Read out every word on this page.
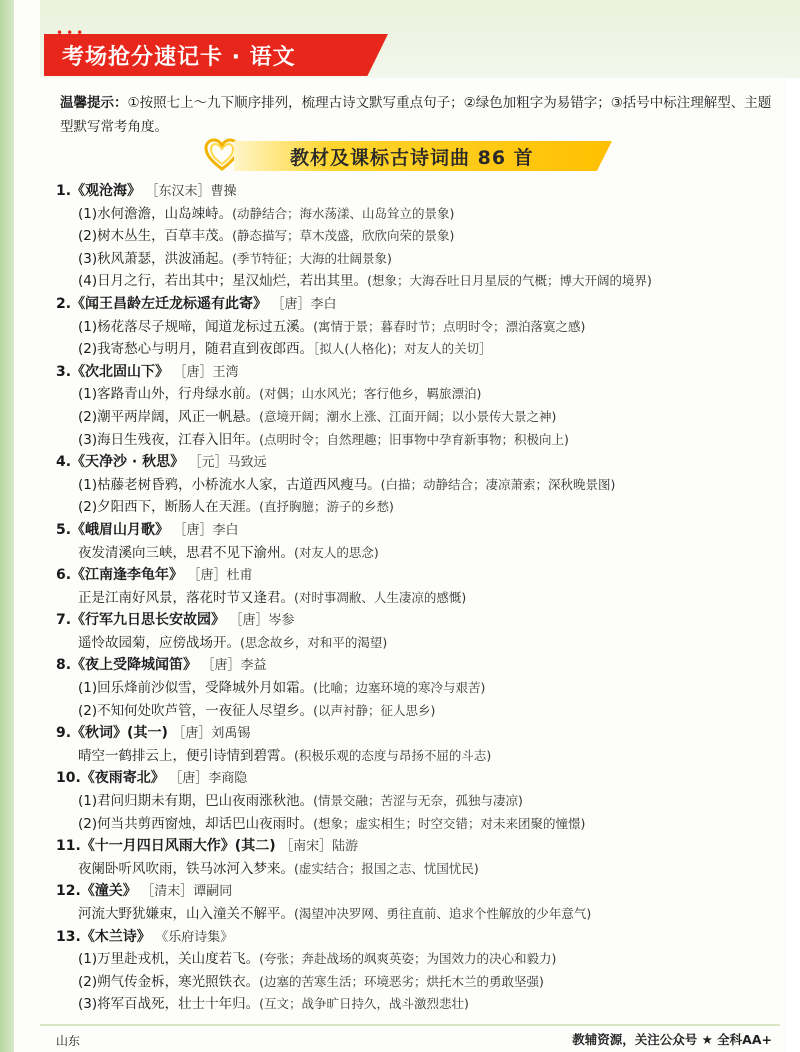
•••
考场抢分速记卡 · 语文
温馨提示：①按照七上～九下顺序排列，梳理古诗文默写重点句子；②绿色加粗字为易错字；③括号中标注理解型、主题型默写常考角度。
教材及课标古诗词曲 86 首
1.《观沧海》 ［东汉末］曹操
(1)水何澹澹，山岛竦峙。(动静结合；海水荡漾、山岛耸立的景象)
(2)树木丛生，百草丰茂。(静态描写；草木茂盛，欣欣向荣的景象)
(3)秋风萧瑟，洪波涌起。(季节特征；大海的壮阔景象)
(4)日月之行，若出其中；星汉灿烂，若出其里。(想象；大海吞吐日月星辰的气概；博大开阔的境界)
2.《闻王昌龄左迁龙标遥有此寄》 ［唐］李白
(1)杨花落尽子规啼，闻道龙标过五溪。(寓情于景；暮春时节；点明时令；漂泊落寞之感)
(2)我寄愁心与明月，随君直到夜郎西。［拟人(人格化)；对友人的关切］
3.《次北固山下》 ［唐］王湾
(1)客路青山外，行舟绿水前。(对偶；山水风光；客行他乡，羁旅漂泊)
(2)潮平两岸阔，风正一帆悬。(意境开阔；潮水上涨、江面开阔；以小景传大景之神)
(3)海日生残夜，江春入旧年。(点明时令；自然理趣；旧事物中孕育新事物；积极向上)
4.《天净沙 · 秋思》 ［元］马致远
(1)枯藤老树昏鸦，小桥流水人家，古道西风瘦马。(白描；动静结合；凄凉萧索；深秋晚景图)
(2)夕阳西下，断肠人在天涯。(直抒胸臆；游子的乡愁)
5.《峨眉山月歌》 ［唐］李白
夜发清溪向三峡，思君不见下渝州。(对友人的思念)
6.《江南逢李龟年》 ［唐］杜甫
正是江南好风景，落花时节又逢君。(对时事凋敝、人生凄凉的感慨)
7.《行军九日思长安故园》 ［唐］岑参
遥怜故园菊，应傍战场开。(思念故乡，对和平的渴望)
8.《夜上受降城闻笛》 ［唐］李益
(1)回乐烽前沙似雪，受降城外月如霜。(比喻；边塞环境的寒冷与艰苦)
(2)不知何处吹芦管，一夜征人尽望乡。(以声衬静；征人思乡)
9.《秋词》(其一) ［唐］刘禹锡
晴空一鹤排云上，便引诗情到碧霄。(积极乐观的态度与昂扬不屈的斗志)
10.《夜雨寄北》 ［唐］李商隐
(1)君问归期未有期，巴山夜雨涨秋池。(情景交融；苦涩与无奈，孤独与凄凉)
(2)何当共剪西窗烛，却话巴山夜雨时。(想象；虚实相生；时空交错；对未来团聚的憧憬)
11.《十一月四日风雨大作》(其二) ［南宋］陆游
夜阑卧听风吹雨，铁马冰河入梦来。(虚实结合；报国之志、忧国忧民)
12.《潼关》 ［清末］谭嗣同
河流大野犹嫌束，山入潼关不解平。(渴望冲决罗网、勇往直前、追求个性解放的少年意气)
13.《木兰诗》 《乐府诗集》
(1)万里赴戎机，关山度若飞。(夸张；奔赴战场的飒爽英姿；为国效力的决心和毅力)
(2)朔气传金柝，寒光照铁衣。(边塞的苦寒生活；环境恶劣；烘托木兰的勇敢坚强)
(3)将军百战死，壮士十年归。(互文；战争旷日持久，战斗激烈悲壮)
山东	教辅资源，关注公众号 ★ 全科AA+
